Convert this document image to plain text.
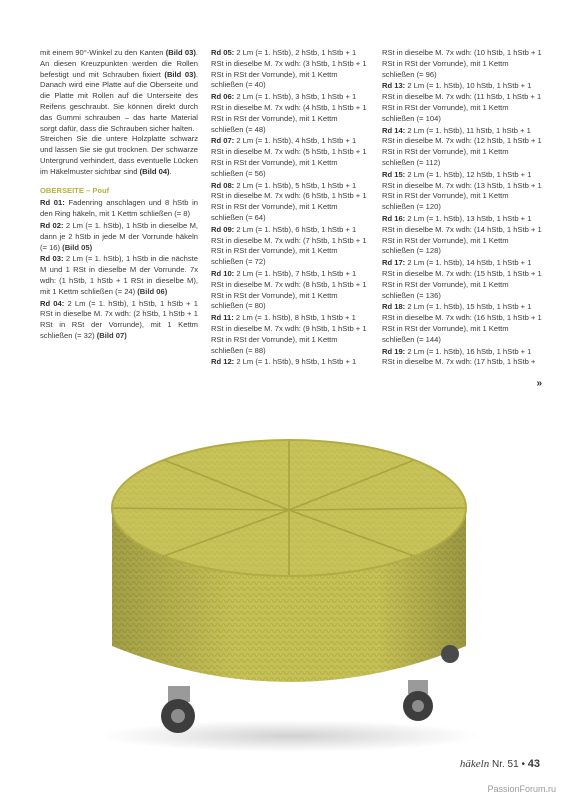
mit einem 90°-Winkel zu den Kanten (Bild 03). An diesen Kreuzpunkten werden die Rollen befestigt und mit Schrauben fixiert (Bild 03). Danach wird eine Platte auf die Oberseite und die Platte mit Rollen auf die Unterseite des Reifens geschraubt. Sie können direkt durch das Gummi schrauben – das harte Material sorgt dafür, dass die Schrauben sicher halten.

Streichen Sie die untere Holzplatte schwarz und lassen Sie sie gut trocknen. Der schwarze Untergrund verhindert, dass eventuelle Lücken im Häkelmuster sichtbar sind (Bild 04).

OBERSEITE – Pouf

Rd 01: Fadenring anschlagen und 8 hStb in den Ring häkeln, mit 1 Kettm schließen (= 8)

Rd 02: 2 Lm (= 1. hStb), 1 hStb in dieselbe M, dann je 2 hStb in jede M der Vorrunde häkeln (= 16) (Bild 05)

Rd 03: 2 Lm (= 1. hStb), 1 hStb in die nächste M und 1 RSt in dieselbe M der Vorrunde. 7x wdh: (1 hStb, 1 hStb + 1 RSt in dieselbe M), mit 1 Kettm schließen (= 24) (Bild 06)

Rd 04: 2 Lm (= 1. hStb), 1 hStb, 1 hStb + 1 RSt in dieselbe M. 7x wdh: (2 hStb, 1 hStb + 1 RSt in RSt der Vorrunde), mit 1 Kettm schließen (= 32) (Bild 07)

Rd 05: 2 Lm (= 1. hStb), 2 hStb, 1 hStb + 1 RSt in dieselbe M. 7x wdh: (3 hStb, 1 hStb + 1 RSt in RSt der Vorrunde), mit 1 Kettm schließen (= 40)

Rd 06: 2 Lm (= 1. hStb), 3 hStb, 1 hStb + 1 RSt in dieselbe M. 7x wdh: (4 hStb, 1 hStb + 1 RSt in RSt der Vorrunde), mit 1 Kettm schließen (= 48)

Rd 07: 2 Lm (= 1. hStb), 4 hStb, 1 hStb + 1 RSt in dieselbe M. 7x wdh: (5 hStb, 1 hStb + 1 RSt in RSt der Vorrunde), mit 1 Kettm schließen (= 56)

Rd 08: 2 Lm (= 1. hStb), 5 hStb, 1 hStb + 1 RSt in dieselbe M. 7x wdh: (6 hStb, 1 hStb + 1 RSt in RSt der Vorrunde), mit 1 Kettm schließen (= 64)

Rd 09: 2 Lm (= 1. hStb), 6 hStb, 1 hStb + 1 RSt in dieselbe M. 7x wdh: (7 hStb, 1 hStb + 1 RSt in RSt der Vorrunde), mit 1 Kettm schließen (= 72)

Rd 10: 2 Lm (= 1. hStb), 7 hStb, 1 hStb + 1 RSt in dieselbe M. 7x wdh: (8 hStb, 1 hStb + 1 RSt in RSt der Vorrunde), mit 1 Kettm schließen (= 80)

Rd 11: 2 Lm (= 1. hStb), 8 hStb, 1 hStb + 1 RSt in dieselbe M. 7x wdh: (9 hStb, 1 hStb + 1 RSt in RSt der Vorrunde), mit 1 Kettm schließen (= 88)

Rd 12: 2 Lm (= 1. hStb), 9 hStb, 1 hStb + 1

RSt in dieselbe M. 7x wdh: (10 hStb, 1 hStb + 1 RSt in RSt der Vorrunde), mit 1 Kettm schließen (= 96)

Rd 13: 2 Lm (= 1. hStb), 10 hStb, 1 hStb + 1 RSt in dieselbe M. 7x wdh: (11 hStb, 1 hStb + 1 RSt in RSt der Vorrunde), mit 1 Kettm schließen (= 104)

Rd 14: 2 Lm (= 1. hStb), 11 hStb, 1 hStb + 1 RSt in dieselbe M. 7x wdh: (12 hStb, 1 hStb + 1 RSt in RSt der Vorrunde), mit 1 Kettm schließen (= 112)

Rd 15: 2 Lm (= 1. hStb), 12 hStb, 1 hStb + 1 RSt in dieselbe M. 7x wdh: (13 hStb, 1 hStb + 1 RSt in RSt der Vorrunde), mit 1 Kettm schließen (= 120)

Rd 16: 2 Lm (= 1. hStb), 13 hStb, 1 hStb + 1 RSt in dieselbe M. 7x wdh: (14 hStb, 1 hStb + 1 RSt in RSt der Vorrunde), mit 1 Kettm schließen (= 128)

Rd 17: 2 Lm (= 1. hStb), 14 hStb, 1 hStb + 1 RSt in dieselbe M. 7x wdh: (15 hStb, 1 hStb + 1 RSt in RSt der Vorrunde), mit 1 Kettm schließen (= 136)

Rd 18: 2 Lm (= 1. hStb), 15 hStb, 1 hStb + 1 RSt in dieselbe M. 7x wdh: (16 hStb, 1 hStb + 1 RSt in RSt der Vorrunde), mit 1 Kettm schließen (= 144)

Rd 19: 2 Lm (= 1. hStb), 16 hStb, 1 hStb + 1 RSt in dieselbe M. 7x wdh: (17 hStb, 1 hStb +

»
häkeln Nr. 51 • 43
PassionForum.ru
